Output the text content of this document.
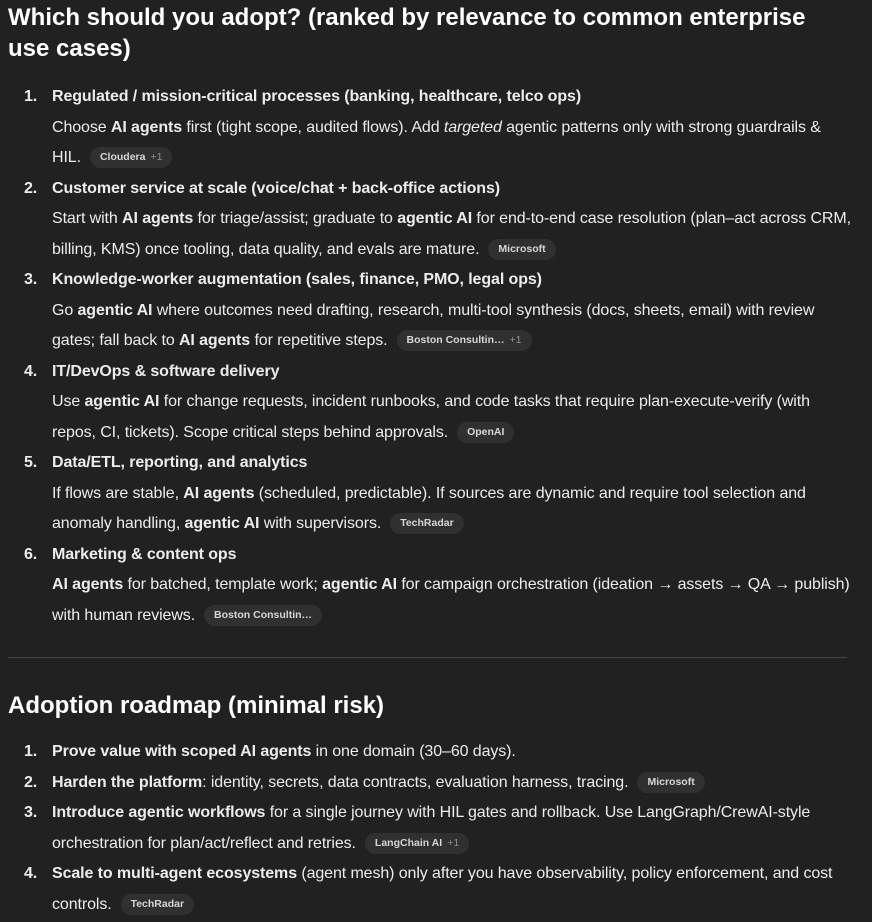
Which should you adopt? (ranked by relevance to common enterprise use cases)
1. Regulated / mission-critical processes (banking, healthcare, telco ops)

Choose AI agents first (tight scope, audited flows). Add targeted agentic patterns only with strong guardrails & HIL. Cloudera +1

2. Customer service at scale (voice/chat + back-office actions)

Start with AI agents for triage/assist; graduate to agentic AI for end-to-end case resolution (plan–act across CRM, billing, KMS) once tooling, data quality, and evals are mature. Microsoft

3. Knowledge-worker augmentation (sales, finance, PMO, legal ops)

Go agentic AI where outcomes need drafting, research, multi-tool synthesis (docs, sheets, email) with review gates; fall back to AI agents for repetitive steps. Boston Consultin… +1

4. IT/DevOps & software delivery

Use agentic AI for change requests, incident runbooks, and code tasks that require plan-execute-verify (with repos, CI, tickets). Scope critical steps behind approvals. OpenAI

5. Data/ETL, reporting, and analytics

If flows are stable, AI agents (scheduled, predictable). If sources are dynamic and require tool selection and anomaly handling, agentic AI with supervisors. TechRadar

6. Marketing & content ops

AI agents for batched, template work; agentic AI for campaign orchestration (ideation → assets → QA → publish) with human reviews. Boston Consultin…

Adoption roadmap (minimal risk)
1. Prove value with scoped AI agents in one domain (30–60 days).

2. Harden the platform: identity, secrets, data contracts, evaluation harness, tracing. Microsoft

3. Introduce agentic workflows for a single journey with HIL gates and rollback. Use LangGraph/CrewAI-style orchestration for plan/act/reflect and retries. LangChain AI +1

4. Scale to multi-agent ecosystems (agent mesh) only after you have observability, policy enforcement, and cost controls. TechRadar
